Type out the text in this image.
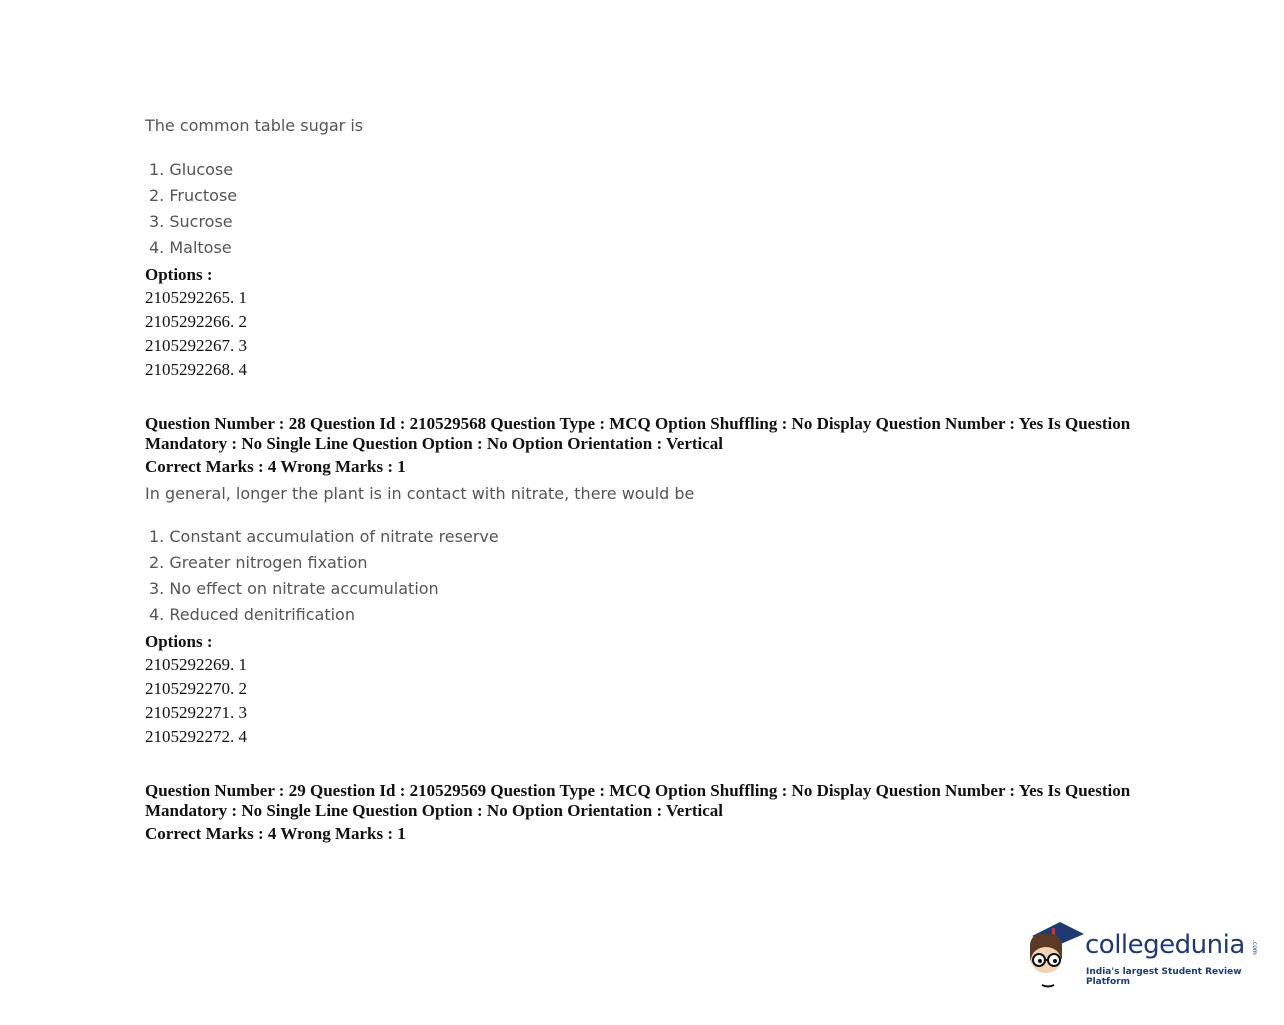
The common table sugar is
1. Glucose
2. Fructose
3. Sucrose
4. Maltose
Options :
2105292265. 1
2105292266. 2
2105292267. 3
2105292268. 4
Question Number : 28 Question Id : 210529568 Question Type : MCQ Option Shuffling : No Display Question Number : Yes Is Question Mandatory : No Single Line Question Option : No Option Orientation : Vertical
Correct Marks : 4 Wrong Marks : 1
In general, longer the plant is in contact with nitrate, there would be
1. Constant accumulation of nitrate reserve
2. Greater nitrogen fixation
3. No effect on nitrate accumulation
4. Reduced denitrification
Options :
2105292269. 1
2105292270. 2
2105292271. 3
2105292272. 4
Question Number : 29 Question Id : 210529569 Question Type : MCQ Option Shuffling : No Display Question Number : Yes Is Question Mandatory : No Single Line Question Option : No Option Orientation : Vertical
Correct Marks : 4 Wrong Marks : 1
collegedunia .com
India's largest Student Review Platform
